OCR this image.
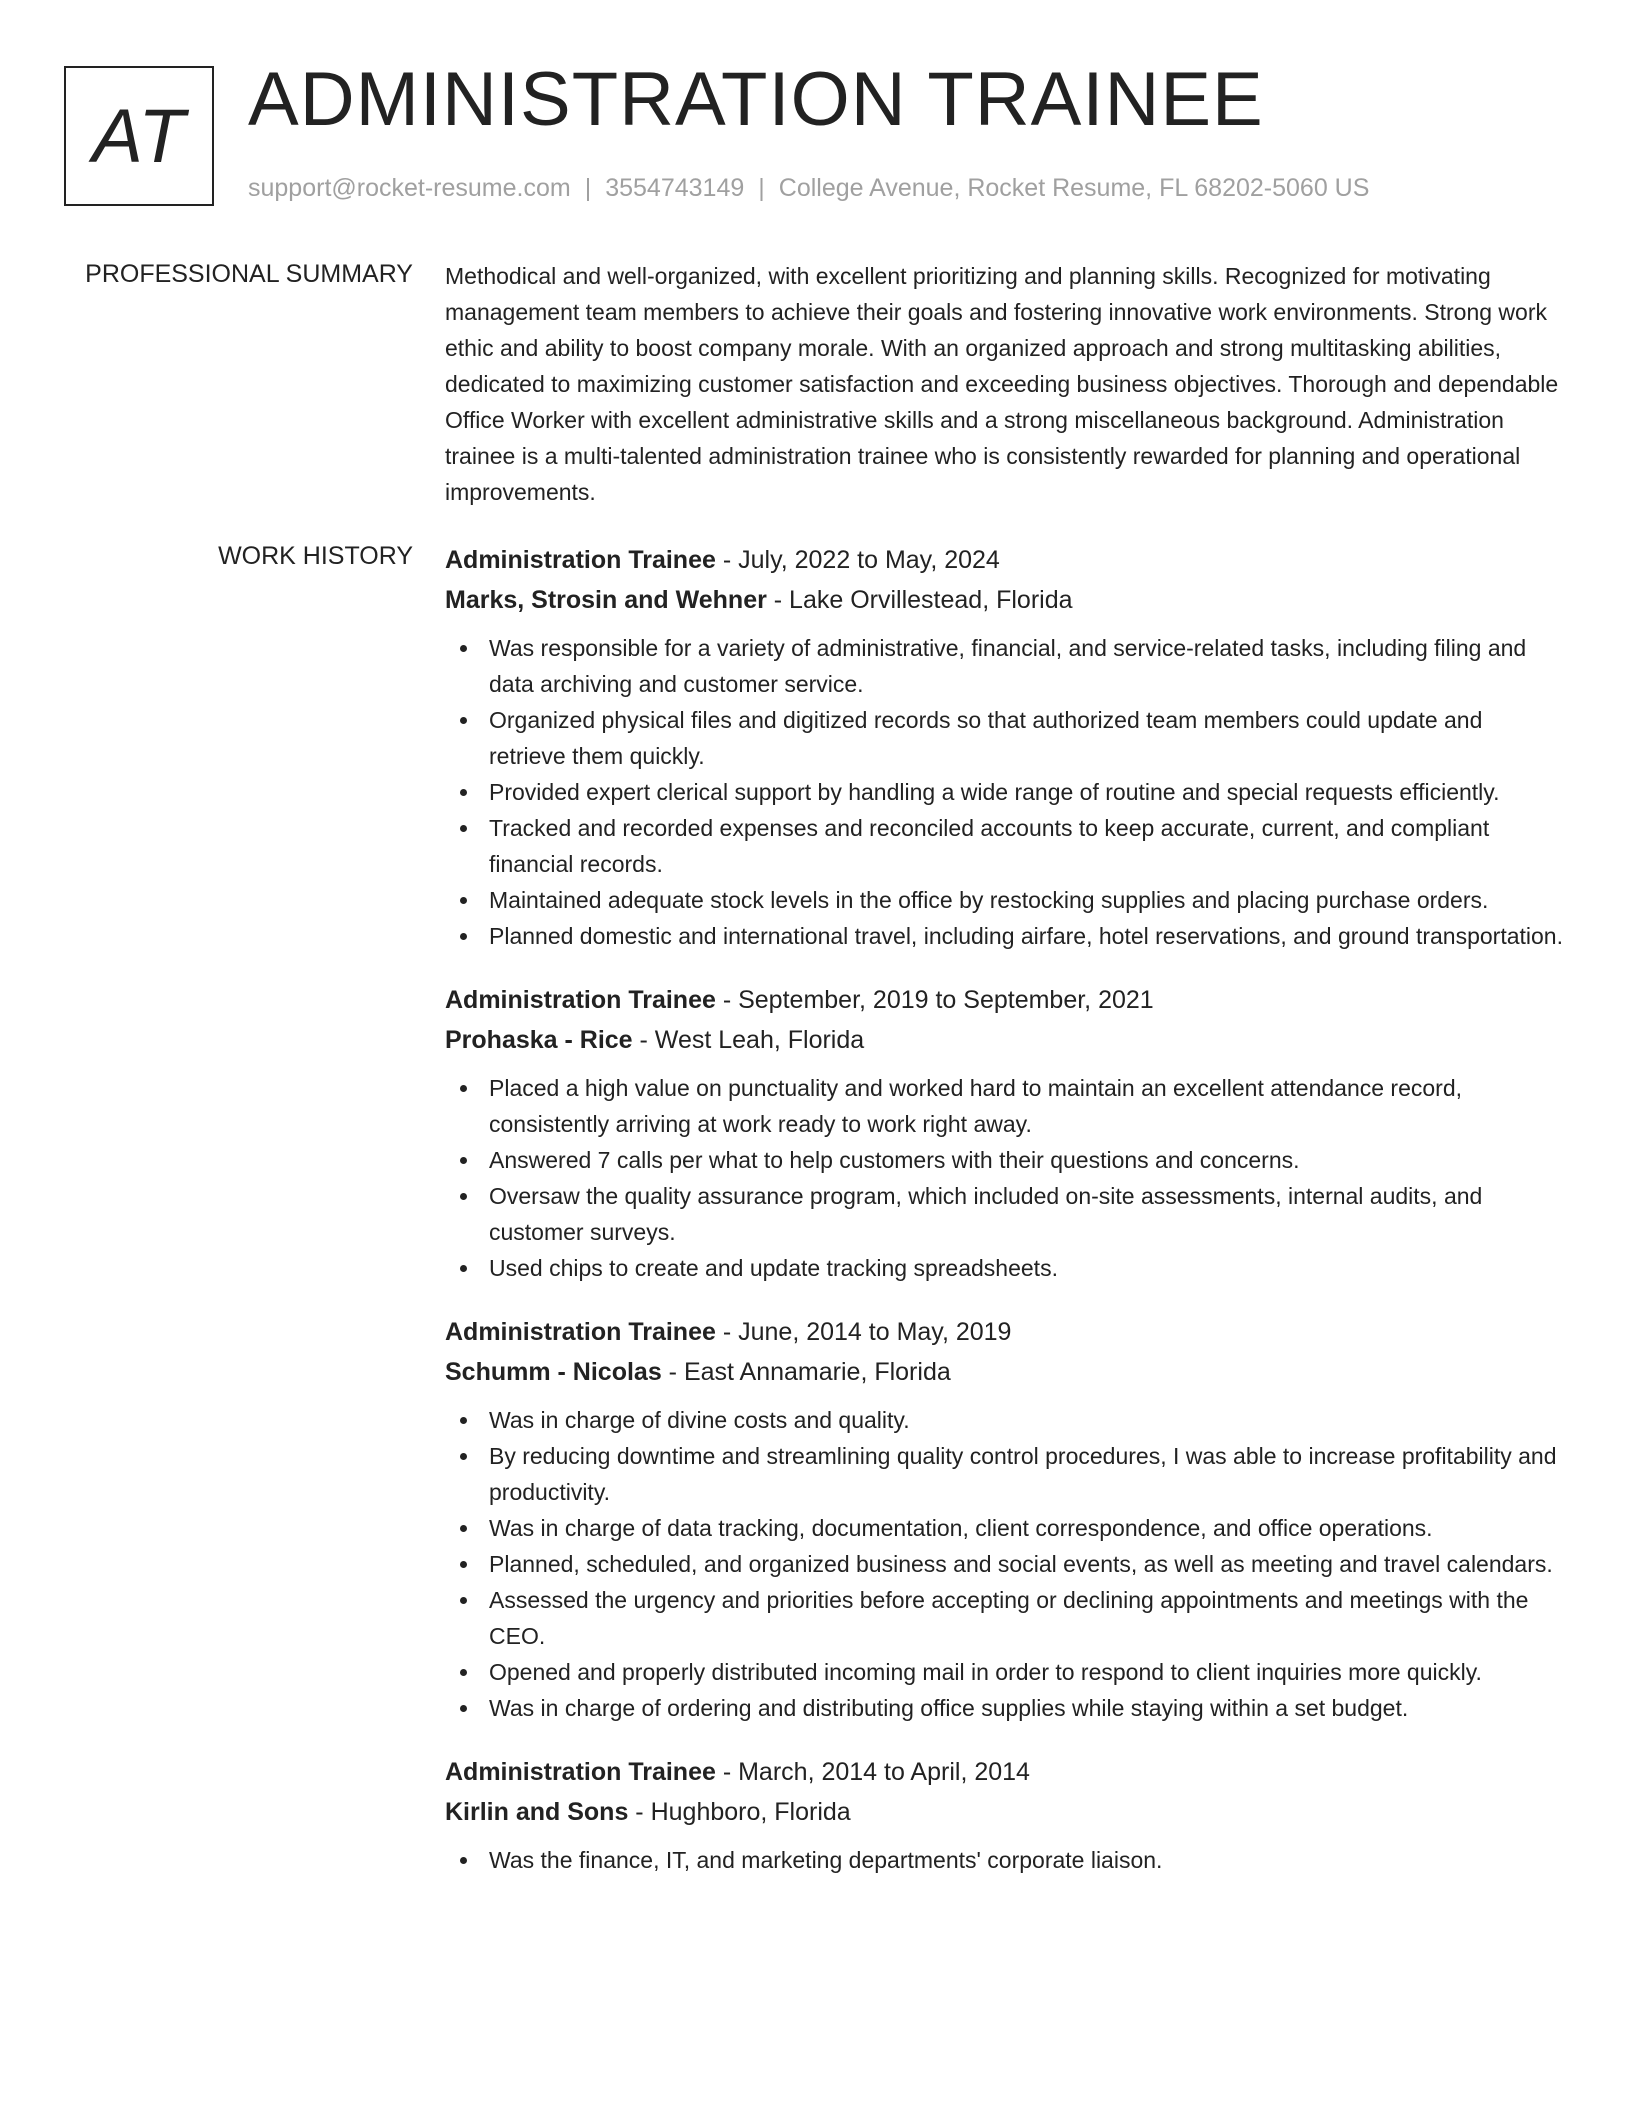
AT ADMINISTRATION TRAINEE
support@rocket-resume.com | 3554743149 | College Avenue, Rocket Resume, FL 68202-5060 US
PROFESSIONAL SUMMARY Methodical and well-organized, with excellent prioritizing and planning skills. Recognized for motivating management team members to achieve their goals and fostering innovative work environments. Strong work ethic and ability to boost company morale. With an organized approach and strong multitasking abilities, dedicated to maximizing customer satisfaction and exceeding business objectives. Thorough and dependable Office Worker with excellent administrative skills and a strong miscellaneous background. Administration trainee is a multi-talented administration trainee who is consistently rewarded for planning and operational improvements.
WORK HISTORY Administration Trainee - July, 2022 to May, 2024
Marks, Strosin and Wehner - Lake Orvillestead, Florida
Was responsible for a variety of administrative, financial, and service-related tasks, including filing and data archiving and customer service.
Organized physical files and digitized records so that authorized team members could update and retrieve them quickly.
Provided expert clerical support by handling a wide range of routine and special requests efficiently.
Tracked and recorded expenses and reconciled accounts to keep accurate, current, and compliant financial records.
Maintained adequate stock levels in the office by restocking supplies and placing purchase orders.
Planned domestic and international travel, including airfare, hotel reservations, and ground transportation.
Administration Trainee - September, 2019 to September, 2021
Prohaska - Rice - West Leah, Florida
Placed a high value on punctuality and worked hard to maintain an excellent attendance record, consistently arriving at work ready to work right away.
Answered 7 calls per what to help customers with their questions and concerns.
Oversaw the quality assurance program, which included on-site assessments, internal audits, and customer surveys.
Used chips to create and update tracking spreadsheets.
Administration Trainee - June, 2014 to May, 2019
Schumm - Nicolas - East Annamarie, Florida
Was in charge of divine costs and quality.
By reducing downtime and streamlining quality control procedures, I was able to increase profitability and productivity.
Was in charge of data tracking, documentation, client correspondence, and office operations.
Planned, scheduled, and organized business and social events, as well as meeting and travel calendars.
Assessed the urgency and priorities before accepting or declining appointments and meetings with the CEO.
Opened and properly distributed incoming mail in order to respond to client inquiries more quickly.
Was in charge of ordering and distributing office supplies while staying within a set budget.
Administration Trainee - March, 2014 to April, 2014
Kirlin and Sons - Hughboro, Florida
Was the finance, IT, and marketing departments' corporate liaison.
